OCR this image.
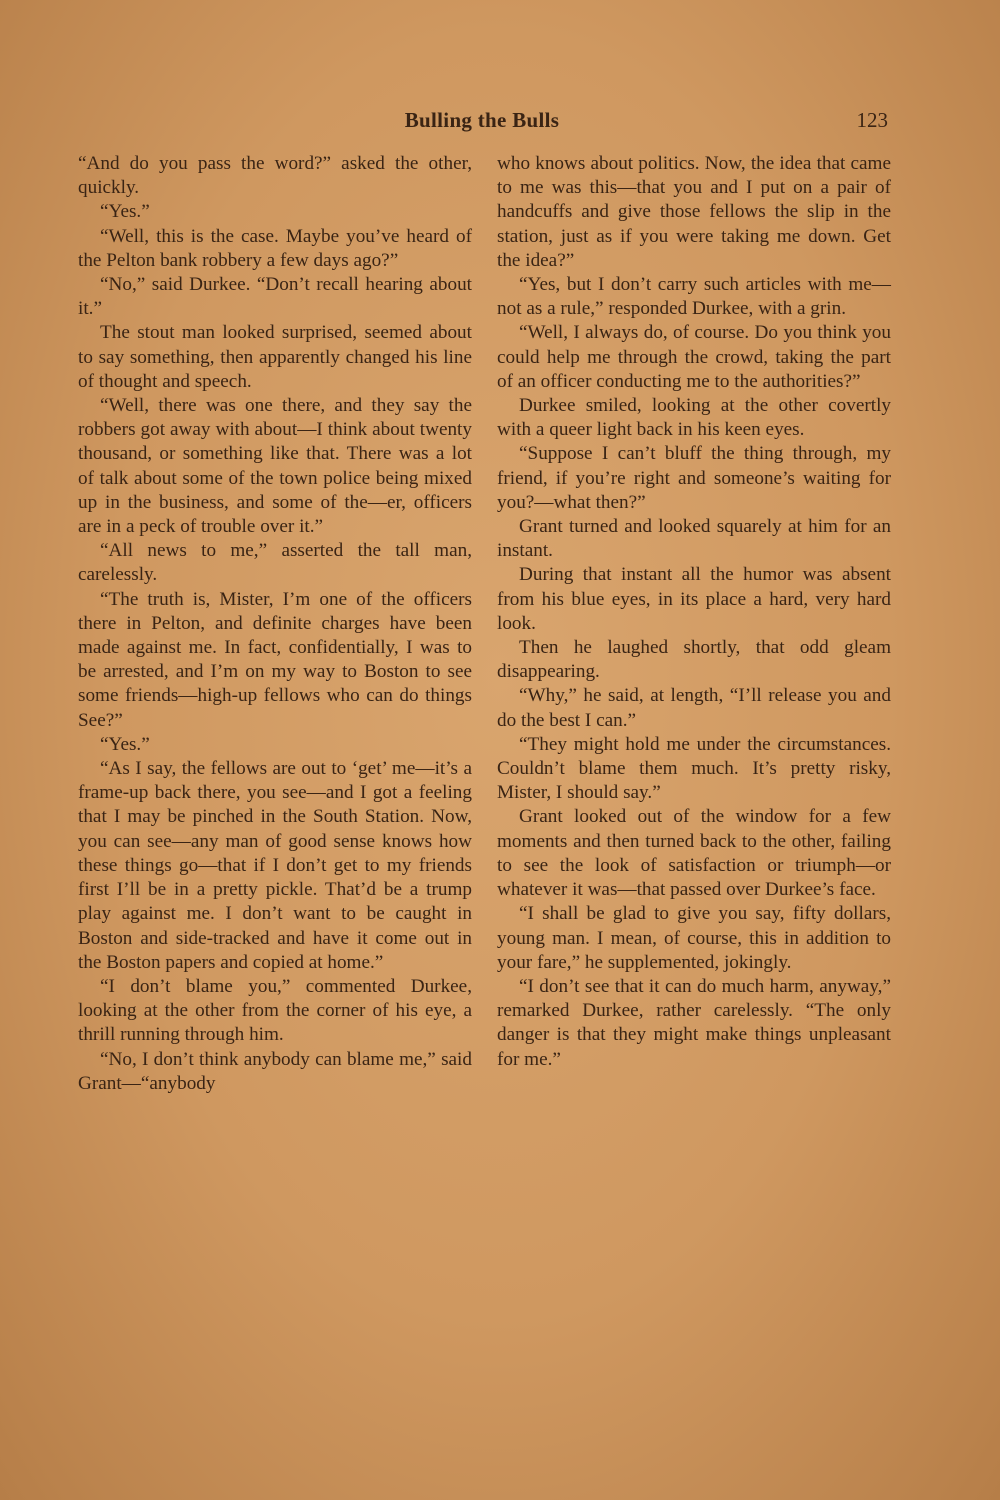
Bulling the Bulls	123

“And do you pass the word?” asked the other, quickly.

“Yes.”

“Well, this is the case. Maybe you’ve heard of the Pelton bank robbery a few days ago?”

“No,” said Durkee. “Don’t recall hearing about it.”

The stout man looked surprised, seemed about to say something, then apparently changed his line of thought and speech.

“Well, there was one there, and they say the robbers got away with about—I think about twenty thousand, or something like that. There was a lot of talk about some of the town police being mixed up in the business, and some of the—er, officers are in a peck of trouble over it.”

“All news to me,” asserted the tall man, carelessly.

“The truth is, Mister, I’m one of the officers there in Pelton, and definite charges have been made against me. In fact, confidentially, I was to be arrested, and I’m on my way to Boston to see some friends—high-up fellows who can do things See?”

“Yes.”

“As I say, the fellows are out to ‘get’ me—it’s a frame-up back there, you see—and I got a feeling that I may be pinched in the South Station. Now, you can see—any man of good sense knows how these things go—that if I don’t get to my friends first I’ll be in a pretty pickle. That’d be a trump play against me. I don’t want to be caught in Boston and side-tracked and have it come out in the Boston papers and copied at home.”

“I don’t blame you,” commented Durkee, looking at the other from the corner of his eye, a thrill running through him.

“No, I don’t think anybody can blame me,” said Grant—“anybody

who knows about politics. Now, the idea that came to me was this—that you and I put on a pair of handcuffs and give those fellows the slip in the station, just as if you were taking me down. Get the idea?”

“Yes, but I don’t carry such articles with me—not as a rule,” responded Durkee, with a grin.

“Well, I always do, of course. Do you think you could help me through the crowd, taking the part of an officer conducting me to the authorities?”

Durkee smiled, looking at the other covertly with a queer light back in his keen eyes.

“Suppose I can’t bluff the thing through, my friend, if you’re right and someone’s waiting for you?—what then?”

Grant turned and looked squarely at him for an instant.

During that instant all the humor was absent from his blue eyes, in its place a hard, very hard look.

Then he laughed shortly, that odd gleam disappearing.

“Why,” he said, at length, “I’ll release you and do the best I can.”

“They might hold me under the circumstances. Couldn’t blame them much. It’s pretty risky, Mister, I should say.”

Grant looked out of the window for a few moments and then turned back to the other, failing to see the look of satisfaction or triumph—or whatever it was—that passed over Durkee’s face.

“I shall be glad to give you say, fifty dollars, young man. I mean, of course, this in addition to your fare,” he supplemented, jokingly.

“I don’t see that it can do much harm, anyway,” remarked Durkee, rather carelessly. “The only danger is that they might make things unpleasant for me.”
